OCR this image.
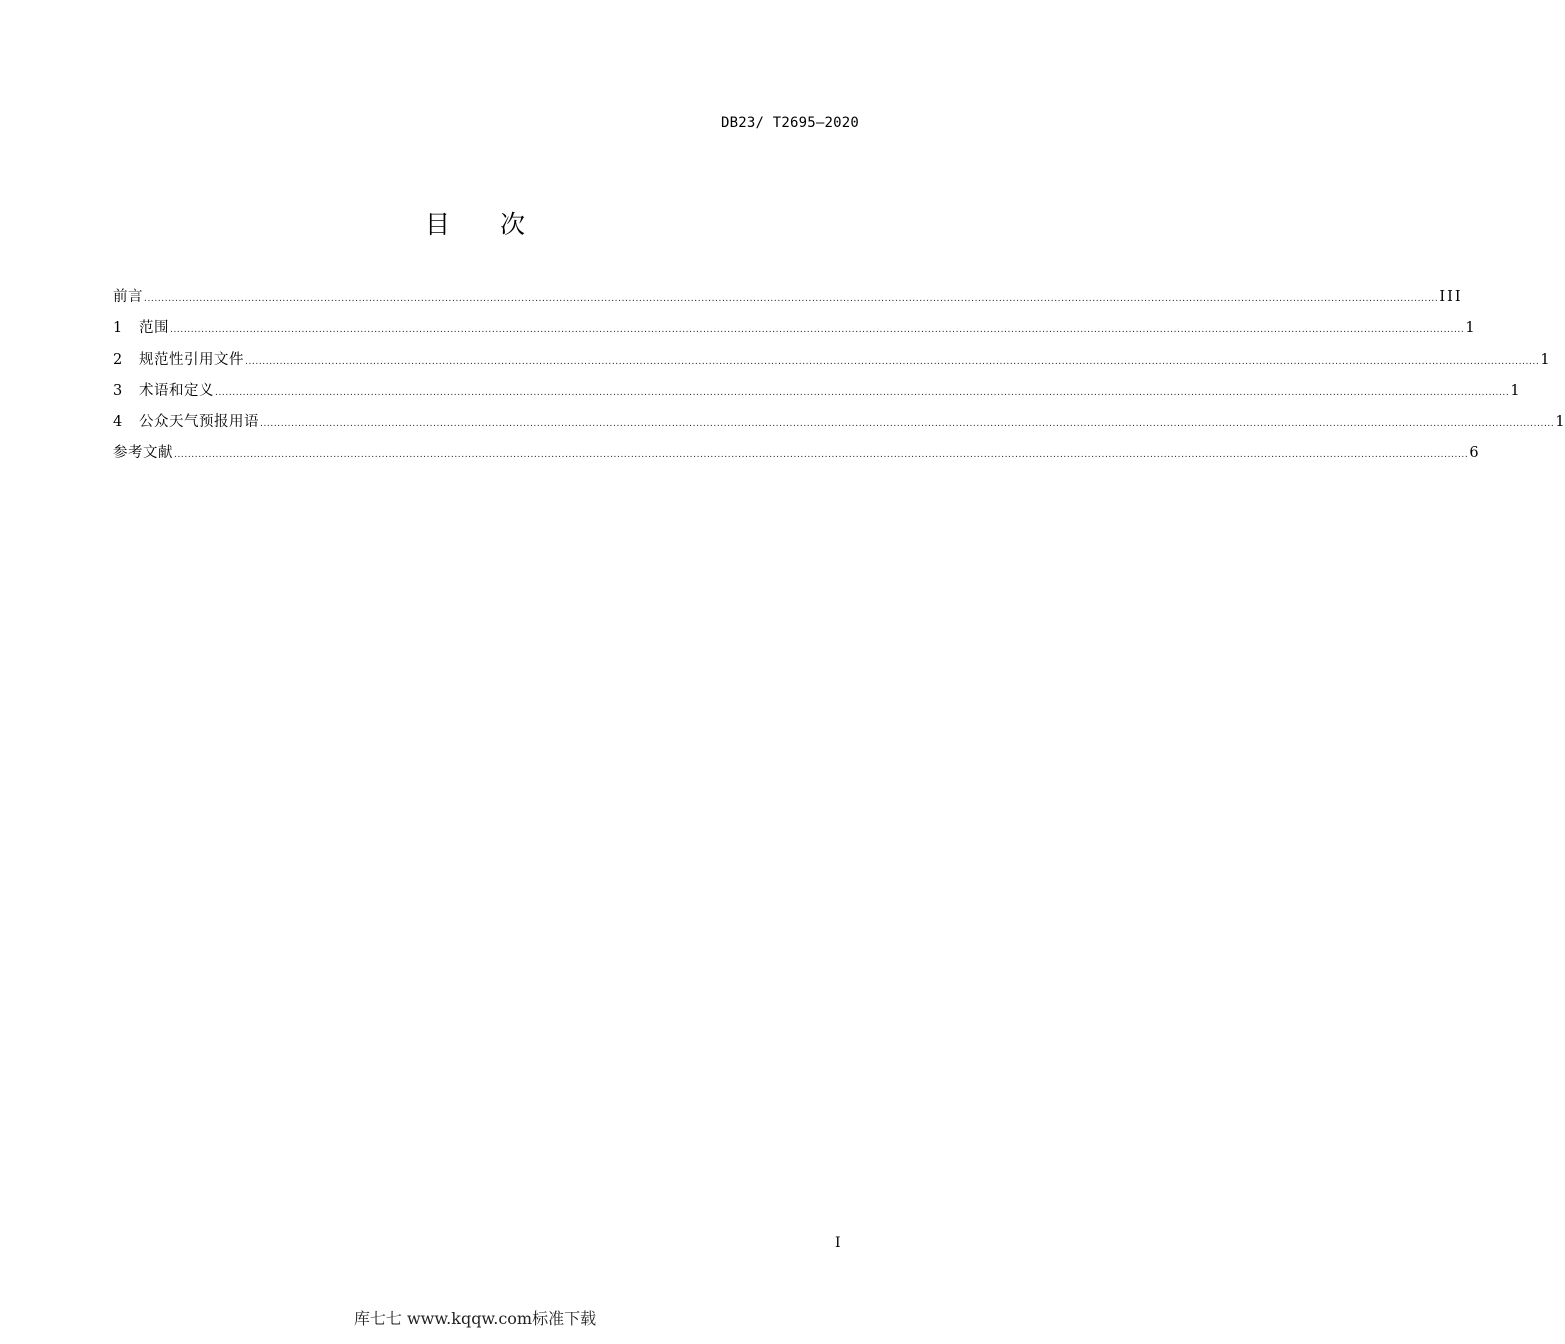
DB23/ T2695—2020
目 次
前言 ...................................................................................................................................................................................................................................................................................................................................................................................... III
1	范围 ...................................................................................................................................................................................................................................................................................................................................................................................... 1
2	规范性引用文件 ...................................................................................................................................................................................................................................................................................................................................................................................... 1
3	术语和定义 ...................................................................................................................................................................................................................................................................................................................................................................................... 1
4	公众天气预报用语 ...................................................................................................................................................................................................................................................................................................................................................................................... 1
参考文献 ...................................................................................................................................................................................................................................................................................................................................................................................... 6
I
库七七 www.kqqw.com标准下载
